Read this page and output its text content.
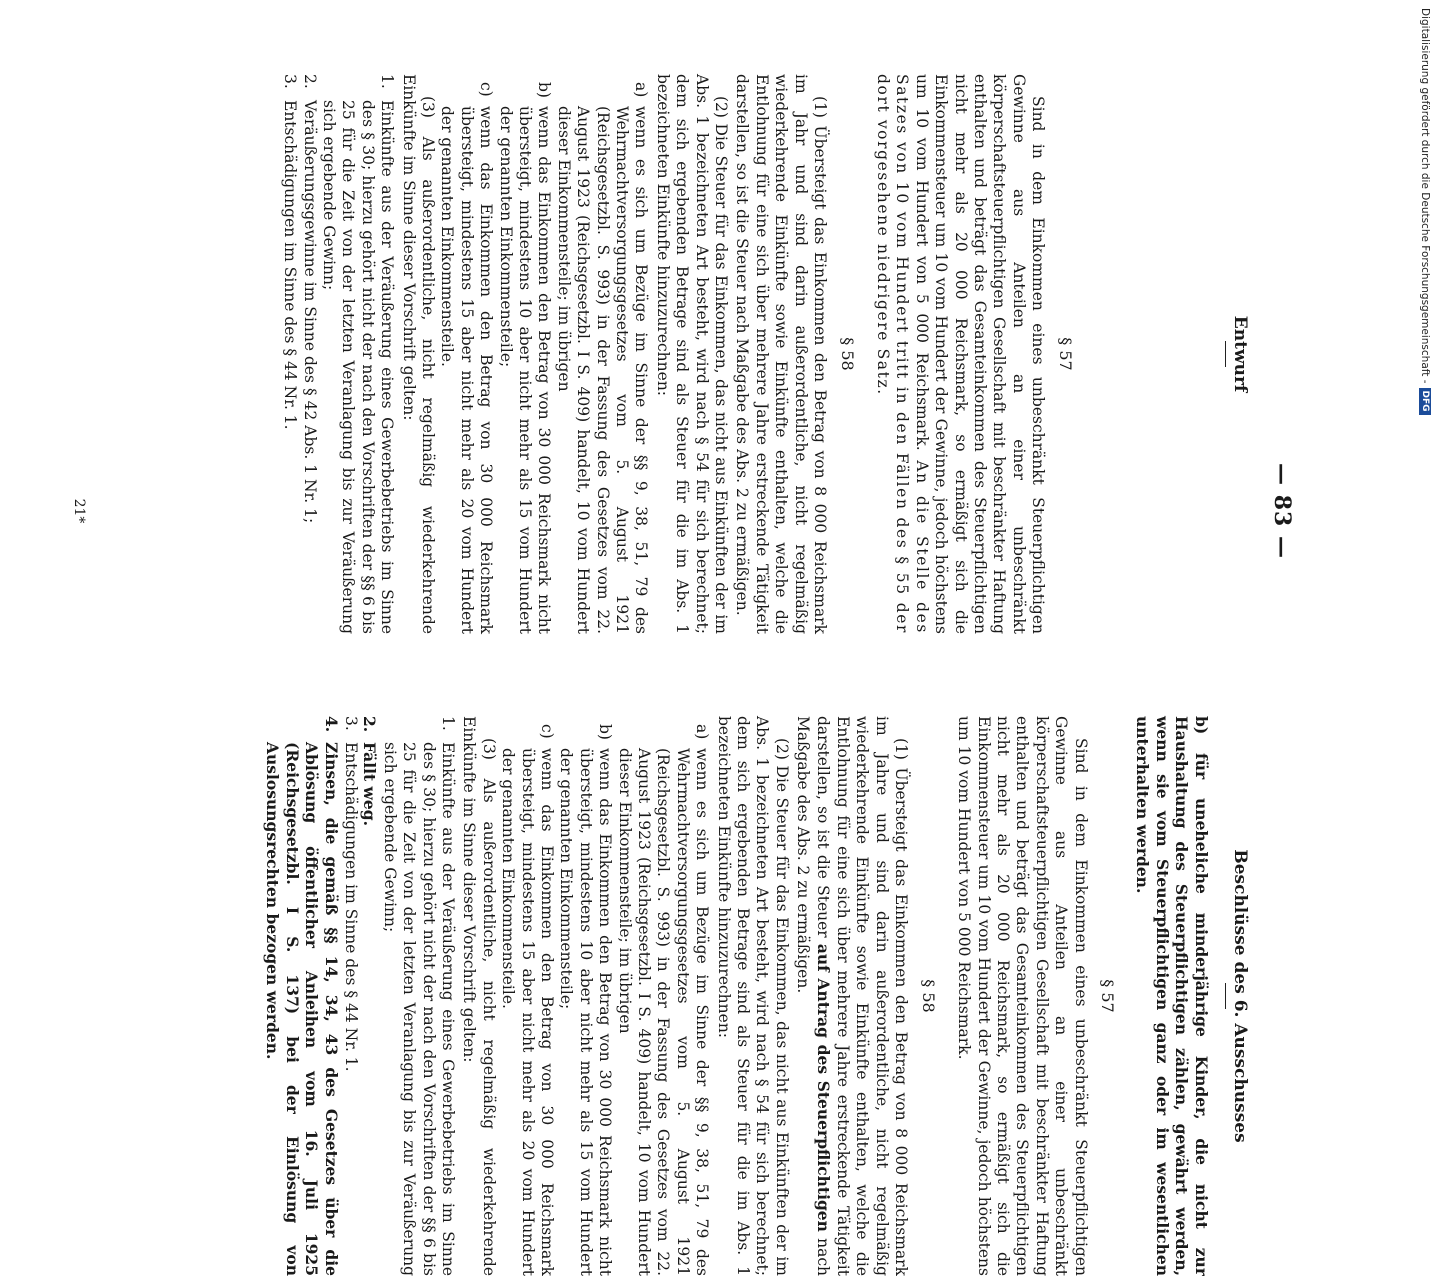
— 83 —
Entwurf
§ 57

Sind in dem Einkommen eines unbeschränkt Steuerpflichtigen Gewinne aus Anteilen an einer unbeschränkt körperschaftsteuerpflichtigen Gesellschaft mit beschränkter Haftung enthalten und beträgt das Gesamteinkommen des Steuerpflichtigen nicht mehr als 20 000 Reichsmark, so ermäßigt sich die Einkommensteuer um 10 vom Hundert der Gewinne, jedoch höchstens um 10 vom Hundert von 5 000 Reichsmark. An die Stelle des Satzes von 10 vom Hundert tritt in den Fällen des § 55 der dort vorgesehene niedrigere Satz.

§ 58

(1) Übersteigt das Einkommen den Betrag von 8 000 Reichsmark im Jahr und sind darin außerordentliche, nicht regelmäßig wiederkehrende Einkünfte sowie Einkünfte enthalten, welche die Entlohnung für eine sich über mehrere Jahre erstreckende Tätigkeit darstellen, so ist die Steuer nach Maßgabe des Abs. 2 zu ermäßigen.

(2) Die Steuer für das Einkommen, das nicht aus Einkünften der im Abs. 1 bezeichneten Art besteht, wird nach § 54 für sich berechnet; dem sich ergebenden Betrage sind als Steuer für die im Abs. 1 bezeichneten Einkünfte hinzuzurechnen:

a)
wenn es sich um Bezüge im Sinne der §§ 9, 38, 51, 79 des Wehrmachtversorgungsgesetzes vom 5. August 1921 (Reichsgesetzbl. S. 993) in der Fassung des Gesetzes vom 22. August 1923 (Reichsgesetzbl. I S. 409) handelt, 10 vom Hundert dieser Einkommensteile; im übrigen
b)
wenn das Einkommen den Betrag von 30 000 Reichsmark nicht übersteigt, mindestens 10 aber nicht mehr als 15 vom Hundert der genannten Einkommensteile;
c)
wenn das Einkommen den Betrag von 30 000 Reichsmark übersteigt, mindestens 15 aber nicht mehr als 20 vom Hundert der genannten Einkommensteile.

(3) Als außerordentliche, nicht regelmäßig wiederkehrende Einkünfte im Sinne dieser Vorschrift gelten:

1.
Einkünfte aus der Veräußerung eines Gewerbebetriebs im Sinne des § 30; hierzu gehört nicht der nach den Vorschriften der §§ 6 bis 25 für die Zeit von der letzten Veranlagung bis zur Veräußerung sich ergebende Gewinn;
2.
Veräußerungsgewinne im Sinne des § 42 Abs. 1 Nr. 1;
3.
Entschädigungen im Sinne des § 44 Nr. 1.
Beschlüsse des 6. Ausschusses

b) für uneheliche minderjährige Kinder, die nicht zur Haushaltung des Steuerpflichtigen zählen, gewährt werden, wenn sie vom Steuerpflichtigen ganz oder im wesentlichen unterhalten werden.

§ 57

Sind in dem Einkommen eines unbeschränkt Steuerpflichtigen Gewinne aus Anteilen an einer unbeschränkt körperschaftsteuerpflichtigen Gesellschaft mit beschränkter Haftung enthalten und beträgt das Gesamteinkommen des Steuerpflichtigen nicht mehr als 20 000 Reichsmark, so ermäßigt sich die Einkommensteuer um 10 vom Hundert der Gewinne, jedoch höchstens um 10 vom Hundert von 5 000 Reichsmark.

§ 58

(1) Übersteigt das Einkommen den Betrag von 8 000 Reichsmark im Jahre und sind darin außerordentliche, nicht regelmäßig wiederkehrende Einkünfte sowie Einkünfte enthalten, welche die Entlohnung für eine sich über mehrere Jahre erstreckende Tätigkeit darstellen, so ist die Steuer auf Antrag des Steuerpflichtigen nach Maßgabe des Abs. 2 zu ermäßigen.

(2) Die Steuer für das Einkommen, das nicht aus Einkünften der im Abs. 1 bezeichneten Art besteht, wird nach § 54 für sich berechnet; dem sich ergebenden Betrage sind als Steuer für die im Abs. 1 bezeichneten Einkünfte hinzuzurechnen:

a)
wenn es sich um Bezüge im Sinne der §§ 9, 38, 51, 79 des Wehrmachtversorgungsgesetzes vom 5. August 1921 (Reichsgesetzbl. S. 993) in der Fassung des Gesetzes vom 22. August 1923 (Reichsgesetzbl. I S. 409) handelt, 10 vom Hundert dieser Einkommensteile; im übrigen
b)
wenn das Einkommen den Betrag von 30 000 Reichsmark nicht übersteigt, mindestens 10 aber nicht mehr als 15 vom Hundert der genannten Einkommensteile;
c)
wenn das Einkommen den Betrag von 30 000 Reichsmark übersteigt, mindestens 15 aber nicht mehr als 20 vom Hundert der genannten Einkommensteile.

(3) Als außerordentliche, nicht regelmäßig wiederkehrende Einkünfte im Sinne dieser Vorschrift gelten:

1.
Einkünfte aus der Veräußerung eines Gewerbebetriebs im Sinne des § 30; hierzu gehört nicht der nach den Vorschriften der §§ 6 bis 25 für die Zeit von der letzten Veranlagung bis zur Veräußerung sich ergebende Gewinn;
2.
Fällt weg.
3.
Entschädigungen im Sinne des § 44 Nr. 1.
4.
Zinsen, die gemäß §§ 14, 34, 43 des Gesetzes über die Ablösung öffentlicher Anleihen vom 16. Juli 1925 (Reichsgesetzbl. I S. 137) bei der Einlösung von Auslosungsrechten bezogen werden.
21*
Digitalisierung gefördert durch die Deutsche Forschungsgemeinschaft -
DFG
